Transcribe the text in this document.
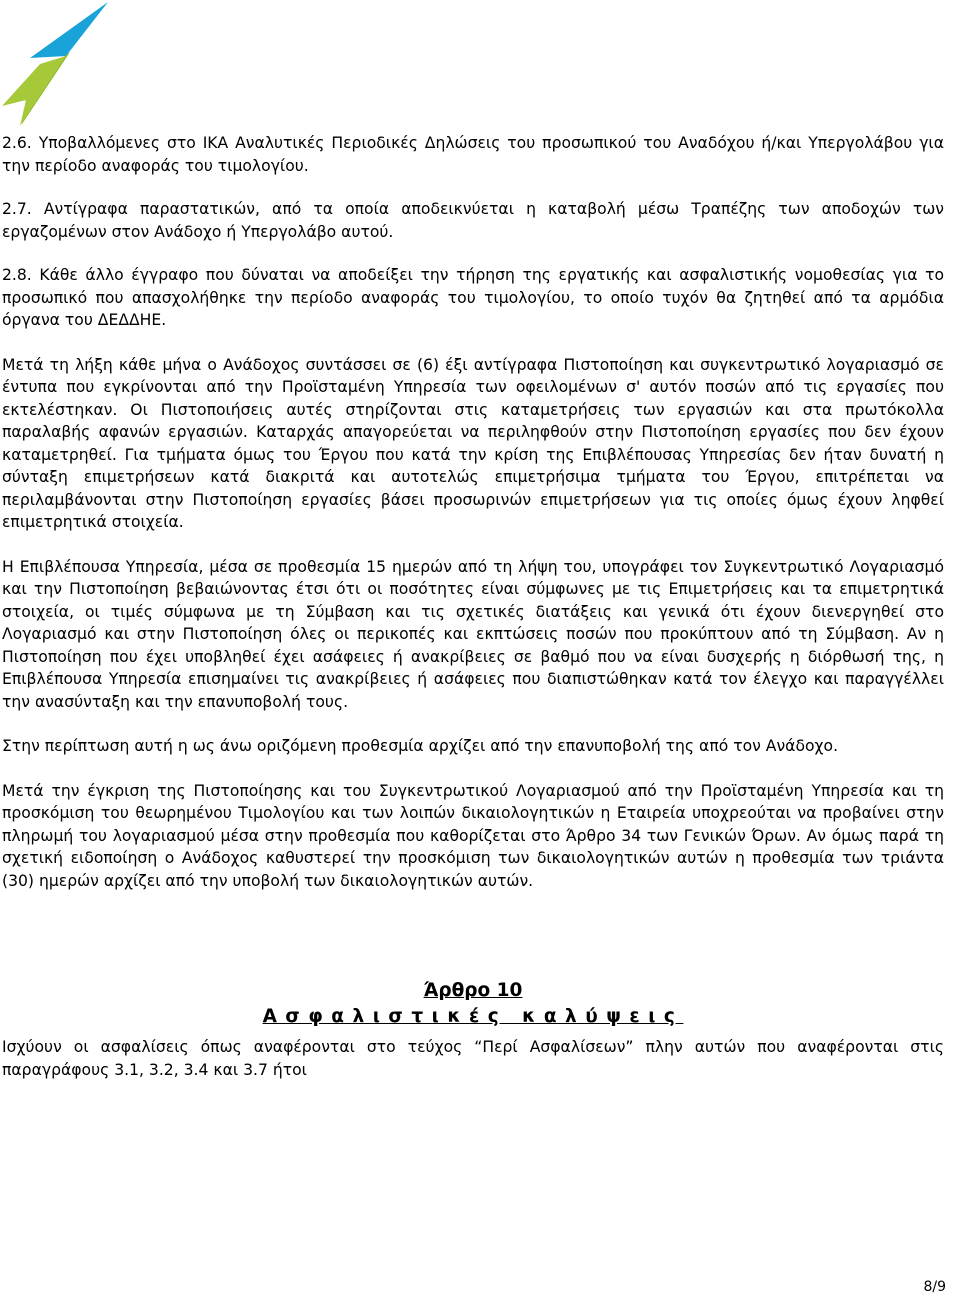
2.6. Υποβαλλόμενες στο ΙΚΑ Αναλυτικές Περιοδικές Δηλώσεις του προσωπικού του Αναδόχου ή/και Υπεργολάβου για την περίοδο αναφοράς του τιμολογίου.

2.7. Αντίγραφα παραστατικών, από τα οποία αποδεικνύεται η καταβολή μέσω Τραπέζης των αποδοχών των εργαζομένων στον Ανάδοχο ή Υπεργολάβο αυτού.

2.8. Κάθε άλλο έγγραφο που δύναται να αποδείξει την τήρηση της εργατικής και ασφαλιστικής νομοθεσίας για το προσωπικό που απασχολήθηκε την περίοδο αναφοράς του τιμολογίου, το οποίο τυχόν θα ζητηθεί από τα αρμόδια όργανα του ΔΕΔΔΗΕ.

Μετά τη λήξη κάθε μήνα ο Ανάδοχος συντάσσει σε (6) έξι αντίγραφα Πιστοποίηση και συγκεντρωτικό λογαριασμό σε έντυπα που εγκρίνονται από την Προϊσταμένη Υπηρεσία των οφειλομένων σ' αυτόν ποσών από τις εργασίες που εκτελέστηκαν. Οι Πιστοποιήσεις αυτές στηρίζονται στις καταμετρήσεις των εργασιών και στα πρωτόκολλα παραλαβής αφανών εργασιών. Καταρχάς απαγορεύεται να περιληφθούν στην Πιστοποίηση εργασίες που δεν έχουν καταμετρηθεί. Για τμήματα όμως του Έργου που κατά την κρίση της Επιβλέπουσας Υπηρεσίας δεν ήταν δυνατή η σύνταξη επιμετρήσεων κατά διακριτά και αυτοτελώς επιμετρήσιμα τμήματα του Έργου, επιτρέπεται να περιλαμβάνονται στην Πιστοποίηση εργασίες βάσει προσωρινών επιμετρήσεων για τις οποίες όμως έχουν ληφθεί επιμετρητικά στοιχεία.

Η Επιβλέπουσα Υπηρεσία, μέσα σε προθεσμία 15 ημερών από τη λήψη του, υπογράφει τον Συγκεντρωτικό Λογαριασμό και την Πιστοποίηση βεβαιώνοντας έτσι ότι οι ποσότητες είναι σύμφωνες με τις Επιμετρήσεις και τα επιμετρητικά στοιχεία, οι τιμές σύμφωνα με τη Σύμβαση και τις σχετικές διατάξεις και γενικά ότι έχουν διενεργηθεί στο Λογαριασμό και στην Πιστοποίηση όλες οι περικοπές και εκπτώσεις ποσών που προκύπτουν από τη Σύμβαση. Αν η Πιστοποίηση που έχει υποβληθεί έχει ασάφειες ή ανακρίβειες σε βαθμό που να είναι δυσχερής η διόρθωσή της, η Επιβλέπουσα Υπηρεσία επισημαίνει τις ανακρίβειες ή ασάφειες που διαπιστώθηκαν κατά τον έλεγχο και παραγγέλλει την ανασύνταξη και την επανυποβολή τους.

Στην περίπτωση αυτή η ως άνω οριζόμενη προθεσμία αρχίζει από την επανυποβολή της από τον Ανάδοχο.

Μετά την έγκριση της Πιστοποίησης και του Συγκεντρωτικού Λογαριασμού από την Προϊσταμένη Υπηρεσία και τη προσκόμιση του θεωρημένου Τιμολογίου και των λοιπών δικαιολογητικών η Εταιρεία υποχρεούται να προβαίνει στην πληρωμή του λογαριασμού μέσα στην προθεσμία που καθορίζεται στο Άρθρο 34 των Γενικών Όρων. Αν όμως παρά τη σχετική ειδοποίηση ο Ανάδοχος καθυστερεί την προσκόμιση των δικαιολογητικών αυτών η προθεσμία των τριάντα (30) ημερών αρχίζει από την υποβολή των δικαιολογητικών αυτών.

Άρθρο 10

Ασφαλιστικές καλύψεις

Ισχύουν οι ασφαλίσεις όπως αναφέρονται στο τεύχος “Περί Ασφαλίσεων” πλην αυτών που αναφέρονται στις παραγράφους 3.1, 3.2, 3.4 και 3.7 ήτοι

8/9
